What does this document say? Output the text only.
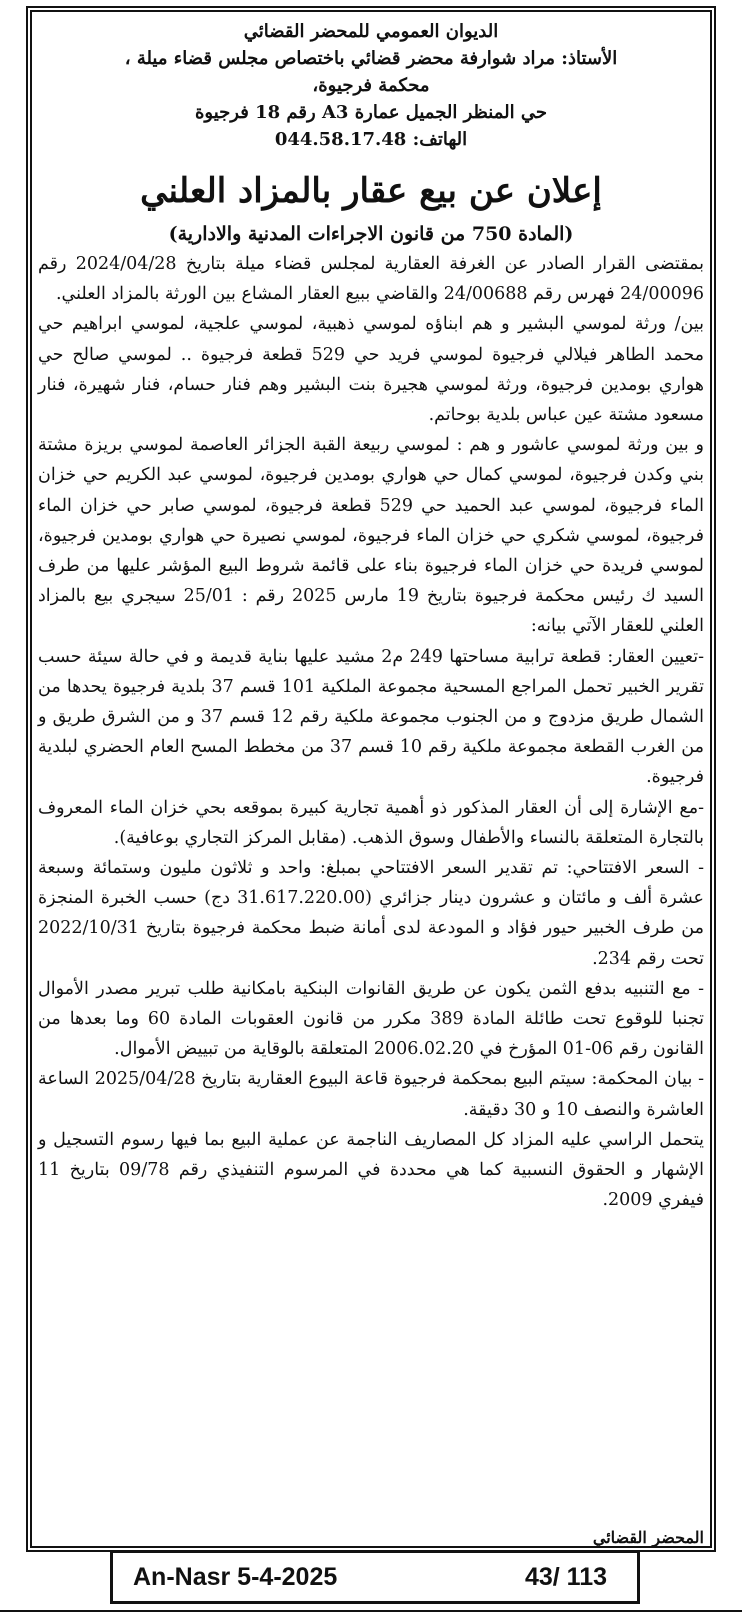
الديوان العمومي للمحضر القضائي
الأستاذ: مراد شوارفة محضر قضائي باختصاص مجلس قضاء ميلة ،
محكمة فرجيوة،
حي المنظر الجميل عمارة A3 رقم 18 فرجيوة
الهاتف: 044.58.17.48
إعلان عن بيع عقار بالمزاد العلني
(المادة 750 من قانون الاجراءات المدنية والادارية)

بمقتضى القرار الصادر عن الغرفة العقارية لمجلس قضاء ميلة بتاريخ 2024/04/28 رقم 24/00096 فهرس رقم 24/00688 والقاضي ببيع العقار المشاع بين الورثة بالمزاد العلني.

بين/ ورثة لموسي البشير و هم ابناؤه لموسي ذهبية، لموسي علجية، لموسي ابراهيم حي محمد الطاهر فيلالي فرجيوة لموسي فريد حي 529 قطعة فرجيوة .. لموسي صالح حي هواري بومدين فرجيوة، ورثة لموسي هجيرة بنت البشير وهم فنار حسام، فنار شهيرة، فنار مسعود مشتة عين عباس بلدية بوحاتم.

و بين ورثة لموسي عاشور و هم : لموسي ربيعة القبة الجزائر العاصمة لموسي بريزة مشتة بني وكدن فرجيوة، لموسي كمال حي هواري بومدين فرجيوة، لموسي عبد الكريم حي خزان الماء فرجيوة، لموسي عبد الحميد حي 529 قطعة فرجيوة، لموسي صابر حي خزان الماء فرجيوة، لموسي شكري حي خزان الماء فرجيوة، لموسي نصيرة حي هواري بومدين فرجيوة، لموسي فريدة حي خزان الماء فرجيوة بناء على قائمة شروط البيع المؤشر عليها من طرف السيد ك رئيس محكمة فرجيوة بتاريخ 19 مارس 2025 رقم : 25/01 سيجري بيع بالمزاد العلني للعقار الآتي بيانه:

-تعيين العقار: قطعة ترابية مساحتها 249 م2 مشيد عليها بناية قديمة و في حالة سيئة حسب تقرير الخبير تحمل المراجع المسحية مجموعة الملكية 101 قسم 37 بلدية فرجيوة يحدها من الشمال طريق مزدوج و من الجنوب مجموعة ملكية رقم 12 قسم 37 و من الشرق طريق و من الغرب القطعة مجموعة ملكية رقم 10 قسم 37 من مخطط المسح العام الحضري لبلدية فرجيوة.

-مع الإشارة إلى أن العقار المذكور ذو أهمية تجارية كبيرة بموقعه بحي خزان الماء المعروف بالتجارة المتعلقة بالنساء والأطفال وسوق الذهب. (مقابل المركز التجاري بوعافية).

- السعر الافتتاحي: تم تقدير السعر الافتتاحي بمبلغ: واحد و ثلاثون مليون وستمائة وسبعة عشرة ألف و مائتان و عشرون دينار جزائري (31.617.220.00 دج) حسب الخبرة المنجزة من طرف الخبير حيور فؤاد و المودعة لدى أمانة ضبط محكمة فرجيوة بتاريخ 2022/10/31 تحت رقم 234.

- مع التنبيه بدفع الثمن يكون عن طريق القانوات البنكية بامكانية طلب تبرير مصدر الأموال تجنبا للوقوع تحت طائلة المادة 389 مكرر من قانون العقوبات المادة 60 وما بعدها من القانون رقم 06-01 المؤرخ في 2006.02.20 المتعلقة بالوقاية من تبييض الأموال.

- بيان المحكمة: سيتم البيع بمحكمة فرجيوة قاعة البيوع العقارية بتاريخ 2025/04/28 الساعة العاشرة والنصف 10 و 30 دقيقة.

يتحمل الراسي عليه المزاد كل المصاريف الناجمة عن عملية البيع بما فيها رسوم التسجيل و الإشهار و الحقوق النسبية كما هي محددة في المرسوم التنفيذي رقم 09/78 بتاريخ 11 فيفري 2009.

المحضر القضائي
An-Nasr 5-4-2025	43/ 113
